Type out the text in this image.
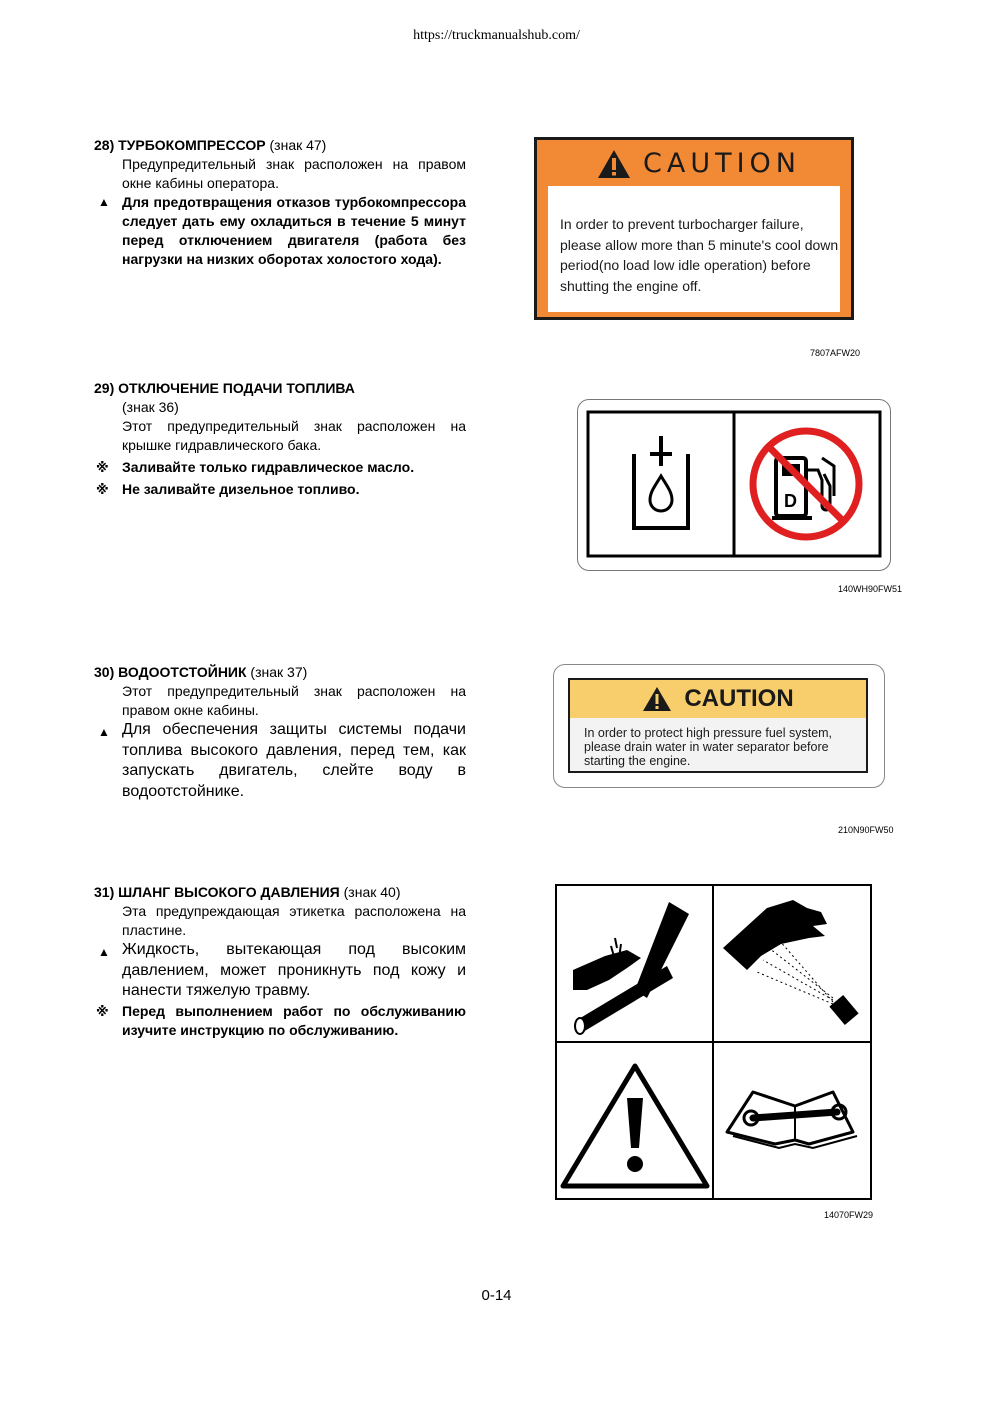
https://truckmanualshub.com/
28) ТУРБОКОМПРЕССОР (знак 47)
Предупредительный знак расположен на правом окне кабины оператора.
▲ Для предотвращения отказов турбокомпрессора следует дать ему охладиться в течение 5 минут перед отключением двигателя (работа без нагрузки на низких оборотах холостого хода).
CAUTION
In order to prevent turbocharger failure, please allow more than 5 minute's cool down period(no load low idle operation) before shutting the engine off.
7807AFW20
29) ОТКЛЮЧЕНИЕ ПОДАЧИ ТОПЛИВА
(знак 36)
Этот предупредительный знак расположен на крышке гидравлического бака.
※ Заливайте только гидравлическое масло.
※ Не заливайте дизельное топливо.
D
140WH90FW51
30) ВОДООТСТОЙНИК (знак 37)
Этот предупредительный знак расположен на правом окне кабины.
▲ Для обеспечения защиты системы подачи топлива высокого давления, перед тем, как запускать двигатель, слейте воду в водоотстойнике.
CAUTION
In order to protect high pressure fuel system, please drain water in water separator before starting the engine.
210N90FW50
31) ШЛАНГ ВЫСОКОГО ДАВЛЕНИЯ (знак 40)
Эта предупреждающая этикетка расположена на пластине.
▲ Жидкость, вытекающая под высоким давлением, может проникнуть под кожу и нанести тяжелую травму.
※ Перед выполнением работ по обслуживанию изучите инструкцию по обслуживанию.
14070FW29
0-14
